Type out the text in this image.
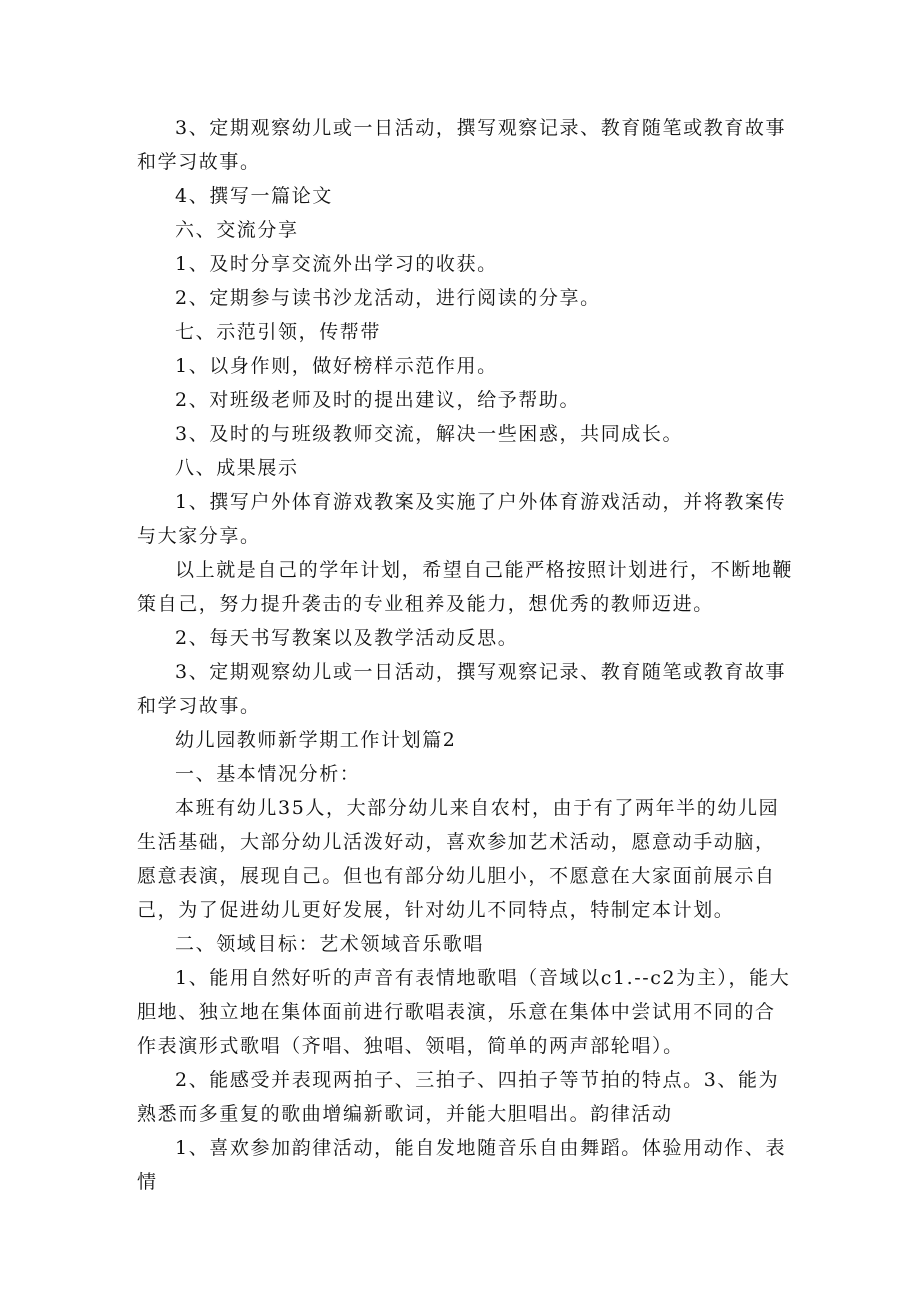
3、定期观察幼儿或一日活动，撰写观察记录、教育随笔或教育故事和学习故事。

4、撰写一篇论文

六、交流分享

1、及时分享交流外出学习的收获。

2、定期参与读书沙龙活动，进行阅读的分享。

七、示范引领，传帮带

1、以身作则，做好榜样示范作用。

2、对班级老师及时的提出建议，给予帮助。

3、及时的与班级教师交流，解决一些困惑，共同成长。

八、成果展示

1、撰写户外体育游戏教案及实施了户外体育游戏活动，并将教案传与大家分享。

以上就是自己的学年计划，希望自己能严格按照计划进行，不断地鞭策自己，努力提升袭击的专业租养及能力，想优秀的教师迈进。

2、每天书写教案以及教学活动反思。

3、定期观察幼儿或一日活动，撰写观察记录、教育随笔或教育故事和学习故事。

幼儿园教师新学期工作计划篇2

一、基本情况分析：

本班有幼儿35人，大部分幼儿来自农村，由于有了两年半的幼儿园生活基础，大部分幼儿活泼好动，喜欢参加艺术活动，愿意动手动脑，愿意表演，展现自己。但也有部分幼儿胆小，不愿意在大家面前展示自己，为了促进幼儿更好发展，针对幼儿不同特点，特制定本计划。

二、领域目标：艺术领域音乐歌唱

1、能用自然好听的声音有表情地歌唱（音域以c1.--c2为主），能大胆地、独立地在集体面前进行歌唱表演，乐意在集体中尝试用不同的合作表演形式歌唱（齐唱、独唱、领唱，简单的两声部轮唱）。

2、能感受并表现两拍子、三拍子、四拍子等节拍的特点。3、能为熟悉而多重复的歌曲增编新歌词，并能大胆唱出。韵律活动

1、喜欢参加韵律活动，能自发地随音乐自由舞蹈。体验用动作、表情
